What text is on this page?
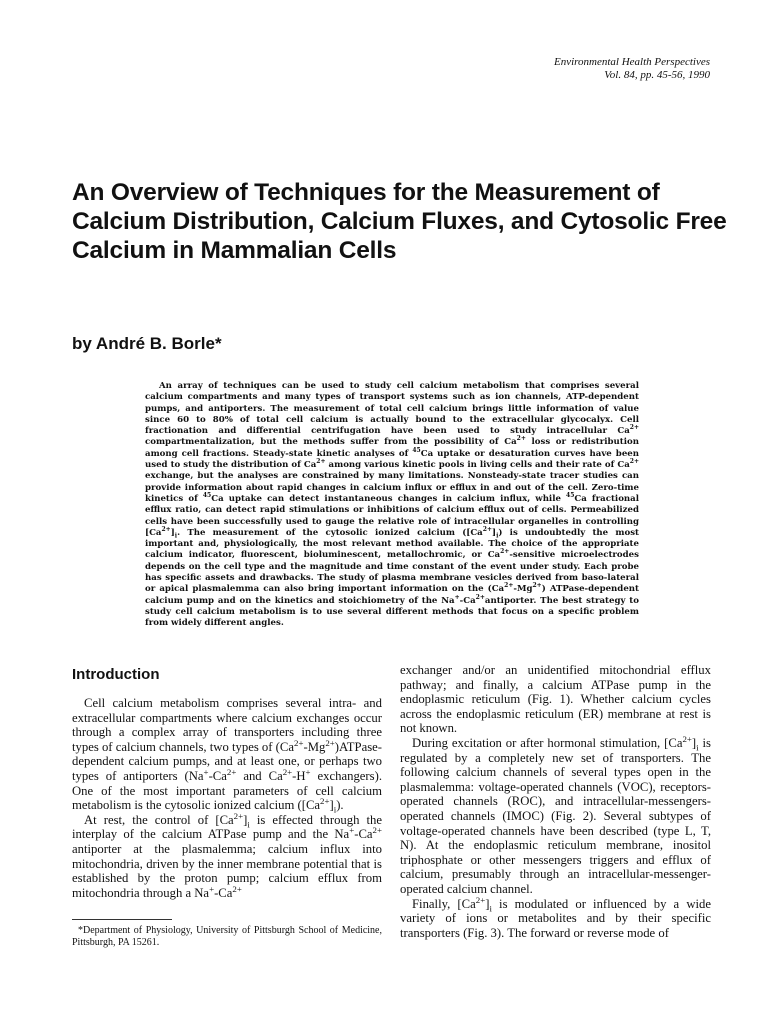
Environmental Health Perspectives
Vol. 84, pp. 45-56, 1990
An Overview of Techniques for the Measurement of Calcium Distribution, Calcium Fluxes, and Cytosolic Free Calcium in Mammalian Cells
by André B. Borle*

An array of techniques can be used to study cell calcium metabolism that comprises several calcium compartments and many types of transport systems such as ion channels, ATP-dependent pumps, and antiporters. The measurement of total cell calcium brings little information of value since 60 to 80% of total cell calcium is actually bound to the extracellular glycocalyx. Cell fractionation and differential centrifugation have been used to study intracellular $Ca^{2+}$ compartmentalization, but the methods suffer from the possibility of $Ca^{2+}$ loss or redistribution among cell fractions. Steady-state kinetic analyses of $^{45}$Ca uptake or desaturation curves have been used to study the distribution of $Ca^{2+}$ among various kinetic pools in living cells and their rate of $Ca^{2+}$ exchange, but the analyses are constrained by many limitations. Nonsteady-state tracer studies can provide information about rapid changes in calcium influx or efflux in and out of the cell. Zero-time kinetics of $^{45}$Ca uptake can detect instantaneous changes in calcium influx, while $^{45}$Ca fractional efflux ratio, can detect rapid stimulations or inhibitions of calcium efflux out of cells. Permeabilized cells have been successfully used to gauge the relative role of intracellular organelles in controlling $[Ca^{2+}]_i$. The measurement of the cytosolic ionized calcium $([Ca^{2+}]_i)$ is undoubtedly the most important and, physiologically, the most relevant method available. The choice of the appropriate calcium indicator, fluorescent, bioluminescent, metallochromic, or $Ca^{2+}$-sensitive microelectrodes depends on the cell type and the magnitude and time constant of the event under study. Each probe has specific assets and drawbacks. The study of plasma membrane vesicles derived from baso-lateral or apical plasmalemma can also bring important information on the $(Ca^{2+}-Mg^{2+})$ ATPase-dependent calcium pump and on the kinetics and stoichiometry of the $Na^+-Ca^{2+}antiporter$. The best strategy to study cell calcium metabolism is to use several different methods that focus on a specific problem from widely different angles.

Introduction

Cell calcium metabolism comprises several intra- and extracellular compartments where calcium exchanges occur through a complex array of transporters including three types of calcium channels, two types of $(Ca^{2+}-Mg^{2+})ATPase$-dependent calcium pumps, and at least one, or perhaps two types of antiporters ($Na^+-Ca^{2+}$ and $Ca^{2+}-H^+$ exchangers). One of the most important parameters of cell calcium metabolism is the cytosolic ionized calcium $([Ca^{2+}]_i)$.

At rest, the control of $[Ca^{2+}]_i$ is effected through the interplay of the calcium ATPase pump and the $Na^+-Ca^{2+}$ antiporter at the plasmalemma; calcium influx into mitochondria, driven by the inner membrane potential that is established by the proton pump; calcium efflux from mitochondria through a $Na^+-Ca^{2+}$

exchanger and/or an unidentified mitochondrial efflux pathway; and finally, a calcium ATPase pump in the endoplasmic reticulum (Fig. 1). Whether calcium cycles across the endoplasmic reticulum (ER) membrane at rest is not known.

During excitation or after hormonal stimulation, $[Ca^{2+}]_i$ is regulated by a completely new set of transporters. The following calcium channels of several types open in the plasmalemma: voltage-operated channels (VOC), receptors-operated channels (ROC), and intracellular-messengers-operated channels (IMOC) (Fig. 2). Several subtypes of voltage-operated channels have been described (type L, T, N). At the endoplasmic reticulum membrane, inositol triphosphate or other messengers triggers and efflux of calcium, presumably through an intracellular-messenger-operated calcium channel.

Finally, $[Ca^{2+}]_i$ is modulated or influenced by a wide variety of ions or metabolites and by their specific transporters (Fig. 3). The forward or reverse mode of

*Department of Physiology, University of Pittsburgh School of Medicine, Pittsburgh, PA 15261.
